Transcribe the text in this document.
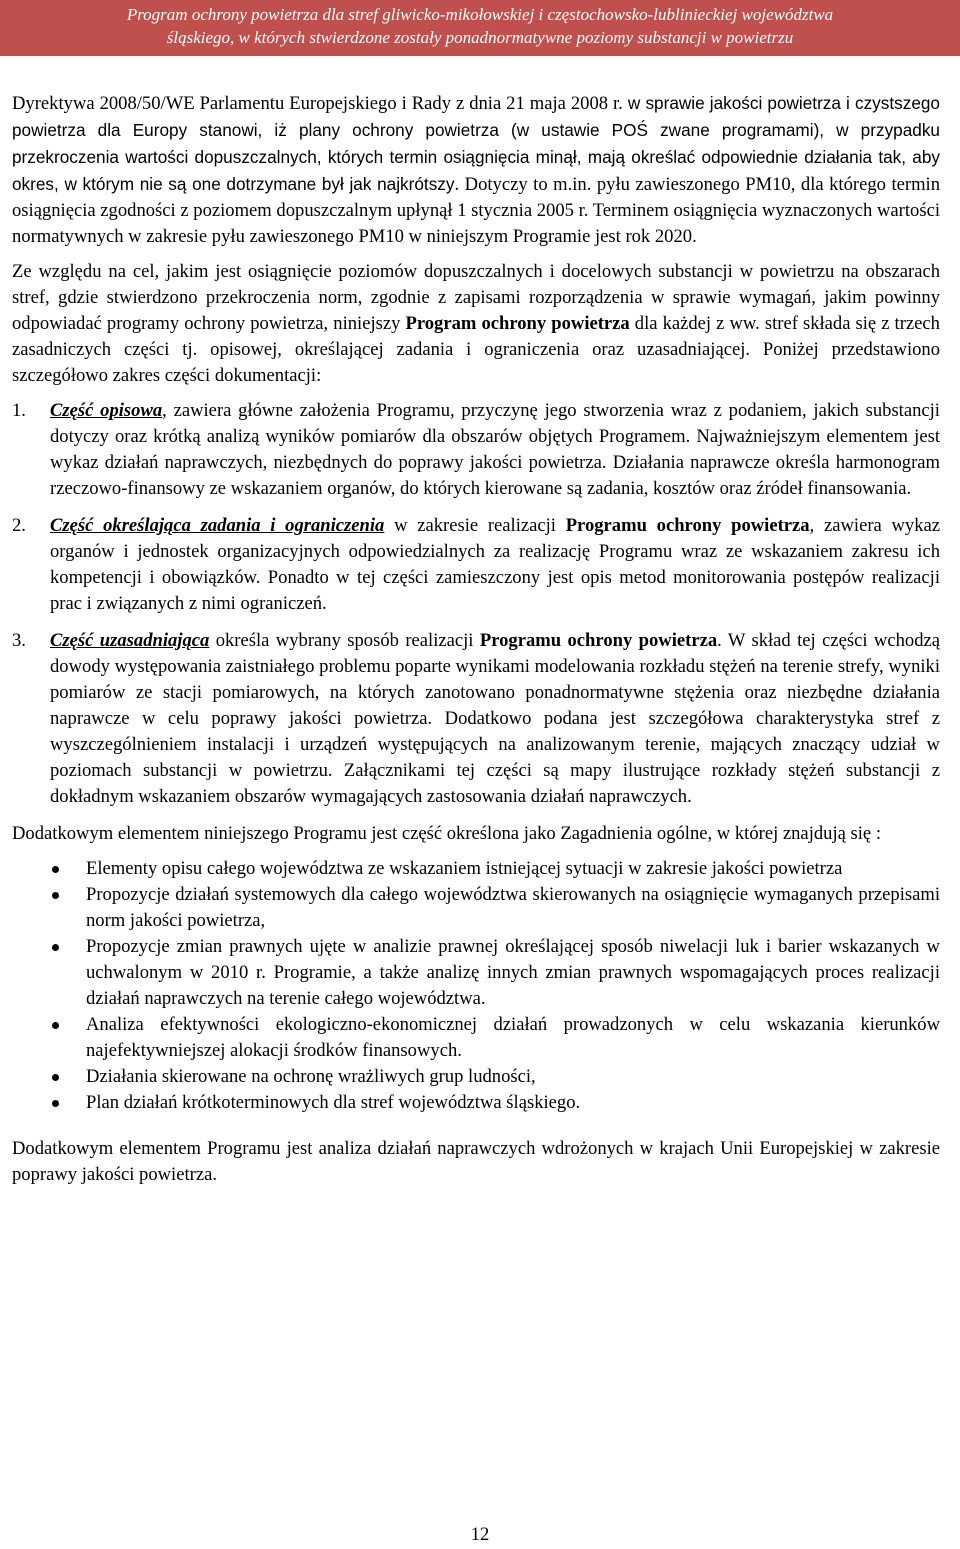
Program ochrony powietrza dla stref gliwicko-mikołowskiej i częstochowsko-lublinieckiej województwa
śląskiego, w których stwierdzone zostały ponadnormatywne poziomy substancji w powietrzu

Dyrektywa 2008/50/WE Parlamentu Europejskiego i Rady z dnia 21 maja 2008 r. w sprawie jakości powietrza i czystszego powietrza dla Europy stanowi, iż plany ochrony powietrza (w ustawie POŚ zwane programami), w przypadku przekroczenia wartości dopuszczalnych, których termin osiągnięcia minął, mają określać odpowiednie działania tak, aby okres, w którym nie są one dotrzymane był jak najkrótszy. Dotyczy to m.in. pyłu zawieszonego PM10, dla którego termin osiągnięcia zgodności z poziomem dopuszczalnym upłynął 1 stycznia 2005 r. Terminem osiągnięcia wyznaczonych wartości normatywnych w zakresie pyłu zawieszonego PM10 w niniejszym Programie jest rok 2020.

Ze względu na cel, jakim jest osiągnięcie poziomów dopuszczalnych i docelowych substancji w powietrzu na obszarach stref, gdzie stwierdzono przekroczenia norm, zgodnie z zapisami rozporządzenia w sprawie wymagań, jakim powinny odpowiadać programy ochrony powietrza, niniejszy Program ochrony powietrza dla każdej z ww. stref składa się z trzech zasadniczych części tj. opisowej, określającej zadania i ograniczenia oraz uzasadniającej. Poniżej przedstawiono szczegółowo zakres części dokumentacji:

1.	Część opisowa, zawiera główne założenia Programu, przyczynę jego stworzenia wraz z podaniem, jakich substancji dotyczy oraz krótką analizą wyników pomiarów dla obszarów objętych Programem. Najważniejszym elementem jest wykaz działań naprawczych, niezbędnych do poprawy jakości powietrza. Działania naprawcze określa harmonogram rzeczowo-finansowy ze wskazaniem organów, do których kierowane są zadania, kosztów oraz źródeł finansowania.
2.	Część określająca zadania i ograniczenia w zakresie realizacji Programu ochrony powietrza, zawiera wykaz organów i jednostek organizacyjnych odpowiedzialnych za realizację Programu wraz ze wskazaniem zakresu ich kompetencji i obowiązków. Ponadto w tej części zamieszczony jest opis metod monitorowania postępów realizacji prac i związanych z nimi ograniczeń.
3.	Część uzasadniająca określa wybrany sposób realizacji Programu ochrony powietrza. W skład tej części wchodzą dowody występowania zaistniałego problemu poparte wynikami modelowania rozkładu stężeń na terenie strefy, wyniki pomiarów ze stacji pomiarowych, na których zanotowano ponadnormatywne stężenia oraz niezbędne działania naprawcze w celu poprawy jakości powietrza. Dodatkowo podana jest szczegółowa charakterystyka stref z wyszczególnieniem instalacji i urządzeń występujących na analizowanym terenie, mających znaczący udział w poziomach substancji w powietrzu. Załącznikami tej części są mapy ilustrujące rozkłady stężeń substancji z dokładnym wskazaniem obszarów wymagających zastosowania działań naprawczych.

Dodatkowym elementem niniejszego Programu jest część określona jako Zagadnienia ogólne, w której znajdują się :

Elementy opisu całego województwa ze wskazaniem istniejącej sytuacji w zakresie jakości powietrza
Propozycje działań systemowych dla całego województwa skierowanych na osiągnięcie wymaganych przepisami norm jakości powietrza,
Propozycje zmian prawnych ujęte w analizie prawnej określającej sposób niwelacji luk i barier wskazanych w uchwalonym w 2010 r. Programie, a także analizę innych zmian prawnych wspomagających proces realizacji działań naprawczych na terenie całego województwa.
Analiza efektywności ekologiczno-ekonomicznej działań prowadzonych w celu wskazania kierunków najefektywniejszej alokacji środków finansowych.
Działania skierowane na ochronę wrażliwych grup ludności,
Plan działań krótkoterminowych dla stref województwa śląskiego.

Dodatkowym elementem Programu jest analiza działań naprawczych wdrożonych w krajach Unii Europejskiej w zakresie poprawy jakości powietrza.

12
